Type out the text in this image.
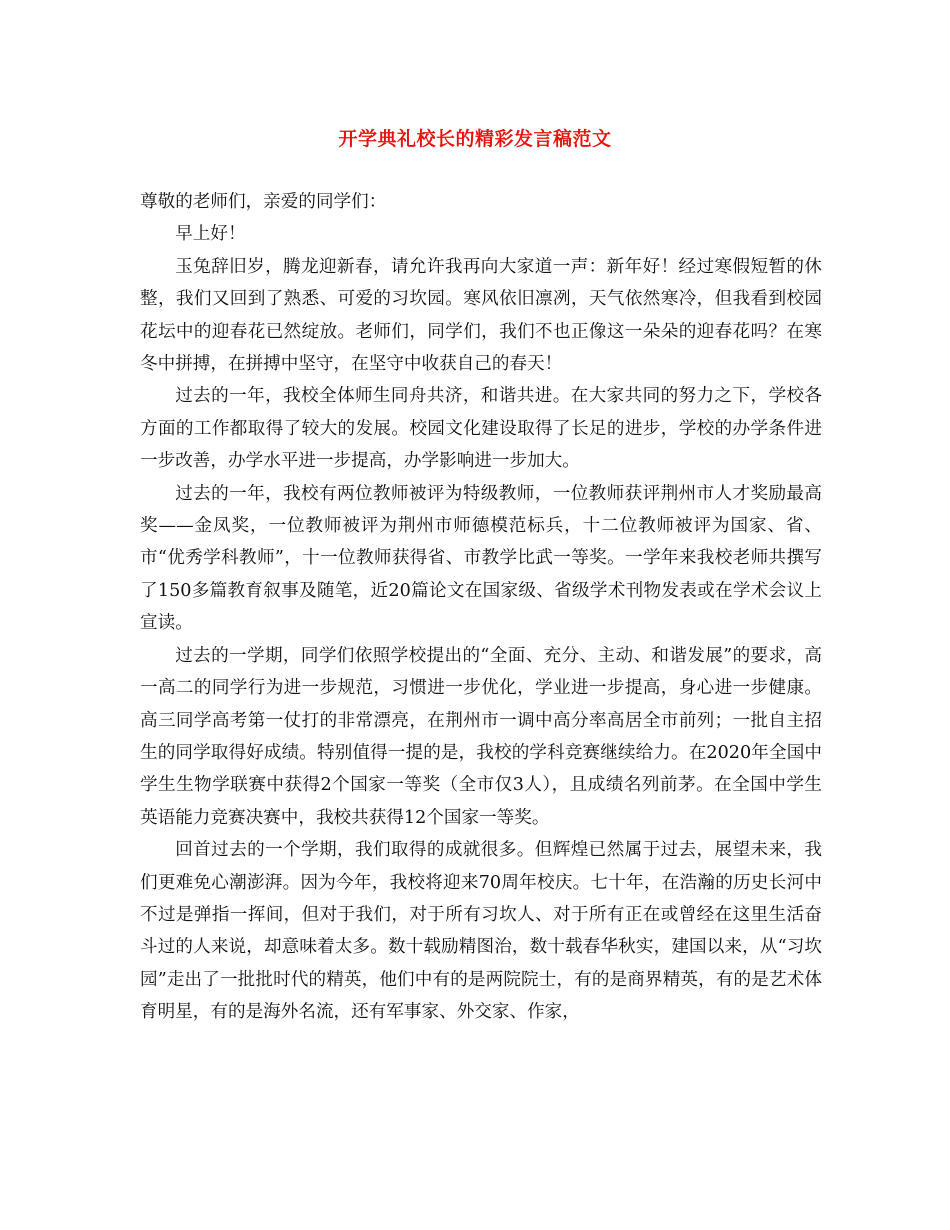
开学典礼校长的精彩发言稿范文

尊敬的老师们，亲爱的同学们：

早上好！

玉兔辞旧岁，腾龙迎新春，请允许我再向大家道一声：新年好！经过寒假短暂的休整，我们又回到了熟悉、可爱的习坎园。寒风依旧凛冽，天气依然寒冷，但我看到校园花坛中的迎春花已然绽放。老师们，同学们，我们不也正像这一朵朵的迎春花吗？在寒冬中拼搏，在拼搏中坚守，在坚守中收获自己的春天！

过去的一年，我校全体师生同舟共济，和谐共进。在大家共同的努力之下，学校各方面的工作都取得了较大的发展。校园文化建设取得了长足的进步，学校的办学条件进一步改善，办学水平进一步提高，办学影响进一步加大。

过去的一年，我校有两位教师被评为特级教师，一位教师获评荆州市人才奖励最高奖——金凤奖，一位教师被评为荆州市师德模范标兵，十二位教师被评为国家、省、市“优秀学科教师”，十一位教师获得省、市教学比武一等奖。一学年来我校老师共撰写了150多篇教育叙事及随笔，近20篇论文在国家级、省级学术刊物发表或在学术会议上宣读。

过去的一学期，同学们依照学校提出的“全面、充分、主动、和谐发展”的要求，高一高二的同学行为进一步规范，习惯进一步优化，学业进一步提高，身心进一步健康。高三同学高考第一仗打的非常漂亮，在荆州市一调中高分率高居全市前列；一批自主招生的同学取得好成绩。特别值得一提的是，我校的学科竞赛继续给力。在2020年全国中学生生物学联赛中获得2个国家一等奖（全市仅3人），且成绩名列前茅。在全国中学生英语能力竞赛决赛中，我校共获得12个国家一等奖。

回首过去的一个学期，我们取得的成就很多。但辉煌已然属于过去，展望未来，我们更难免心潮澎湃。因为今年，我校将迎来70周年校庆。七十年，在浩瀚的历史长河中不过是弹指一挥间，但对于我们，对于所有习坎人、对于所有正在或曾经在这里生活奋斗过的人来说，却意味着太多。数十载励精图治，数十载春华秋实，建国以来，从“习坎园”走出了一批批时代的精英，他们中有的是两院院士，有的是商界精英，有的是艺术体育明星，有的是海外名流，还有军事家、外交家、作家，
